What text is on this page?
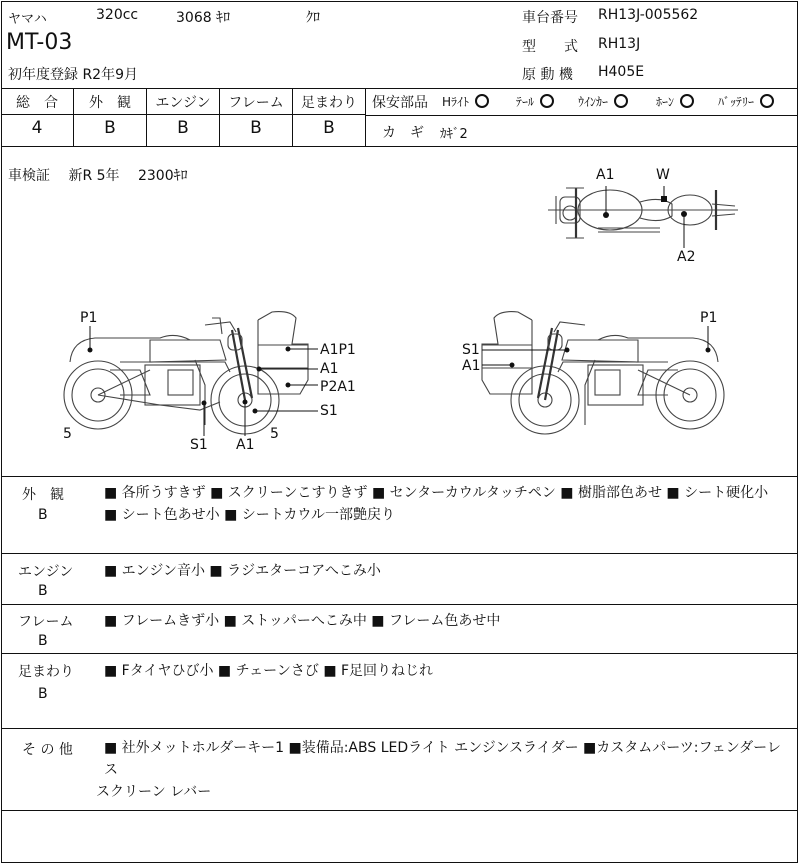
ヤマハ	320cc	3068 ｷﾛ	ｸﾛ
MT-03
初年度登録 R2年9月
車台番号 RH13J-005562
型　　式 RH13J
原 動 機 H405E
総　合	外　観	エンジン	フレーム	足まわり
4	B	B	B	B
保安部品 Hﾗｲﾄ	ﾃｰﾙ	ｳｲﾝｶｰ	ﾎｰﾝ	ﾊﾞｯﾃﾘｰ
カ　ギ ｶｷﾞ2
車検証　 新R 5年　 2300ｷﾛ	A1	W
A2
P1
A1P1
A1
P2A1
S1
5
S1 A1
5
S1
A1
P1
外　観
B
■ 各所うすきず ■ スクリーンこすりきず ■ センターカウルタッチペン ■ 樹脂部色あせ ■ シート硬化小
■ シート色あせ小 ■ シートカウル一部艶戻り
エンジン
B
■ エンジン音小 ■ ラジエターコアへこみ小
フレーム
B
■ フレームきず小 ■ ストッパーへこみ中 ■ フレーム色あせ中
足まわり
B
■ Fタイヤひび小 ■ チェーンさび ■ F足回りねじれ
そ の 他	■ 社外メットホルダーキー1 ■装備品:ABS LEDライト エンジンスライダー ■カスタムパーツ:フェンダーレス
スクリーン レバー
